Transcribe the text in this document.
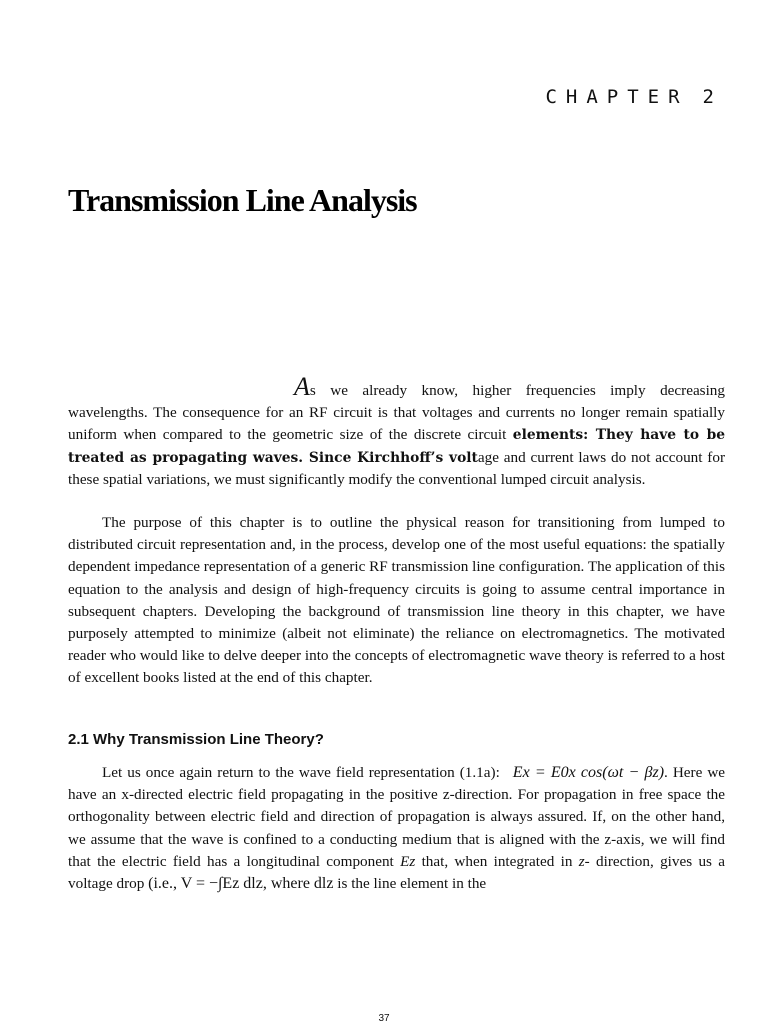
CHAPTER 2
Transmission Line Analysis

As we already know, higher frequencies imply decreasing wavelengths. The consequence for an RF circuit is that voltages and currents no longer remain spatially uniform when compared to the geometric size of the discrete circuit elements: They have to be treated as propagating waves. Since Kirchhoff’s voltage and current laws do not account for these spatial variations, we must significantly modify the conventional lumped circuit analysis.

The purpose of this chapter is to outline the physical reason for transitioning from lumped to distributed circuit representation and, in the process, develop one of the most useful equations: the spatially dependent impedance representation of a generic RF transmission line configuration. The application of this equation to the analysis and design of high-frequency circuits is going to assume central importance in subsequent chapters. Developing the background of transmission line theory in this chapter, we have purposely attempted to minimize (albeit not eliminate) the reliance on electromagnetics. The motivated reader who would like to delve deeper into the concepts of electromagnetic wave theory is referred to a host of excellent books listed at the end of this chapter.

2.1 Why Transmission Line Theory?

Let us once again return to the wave field representation (1.1a): Ex = E0x cos(ωt − βz). Here we have an x-directed electric field propagating in the positive z-direction. For propagation in free space the orthogonality between electric field and direction of propagation is always assured. If, on the other hand, we assume that the wave is confined to a conducting medium that is aligned with the z-axis, we will find that the electric field has a longitudinal component Ez that, when integrated in z- direction, gives us a voltage drop (i.e., V = −∫Ez dlz, where dlz is the line element in the

37
